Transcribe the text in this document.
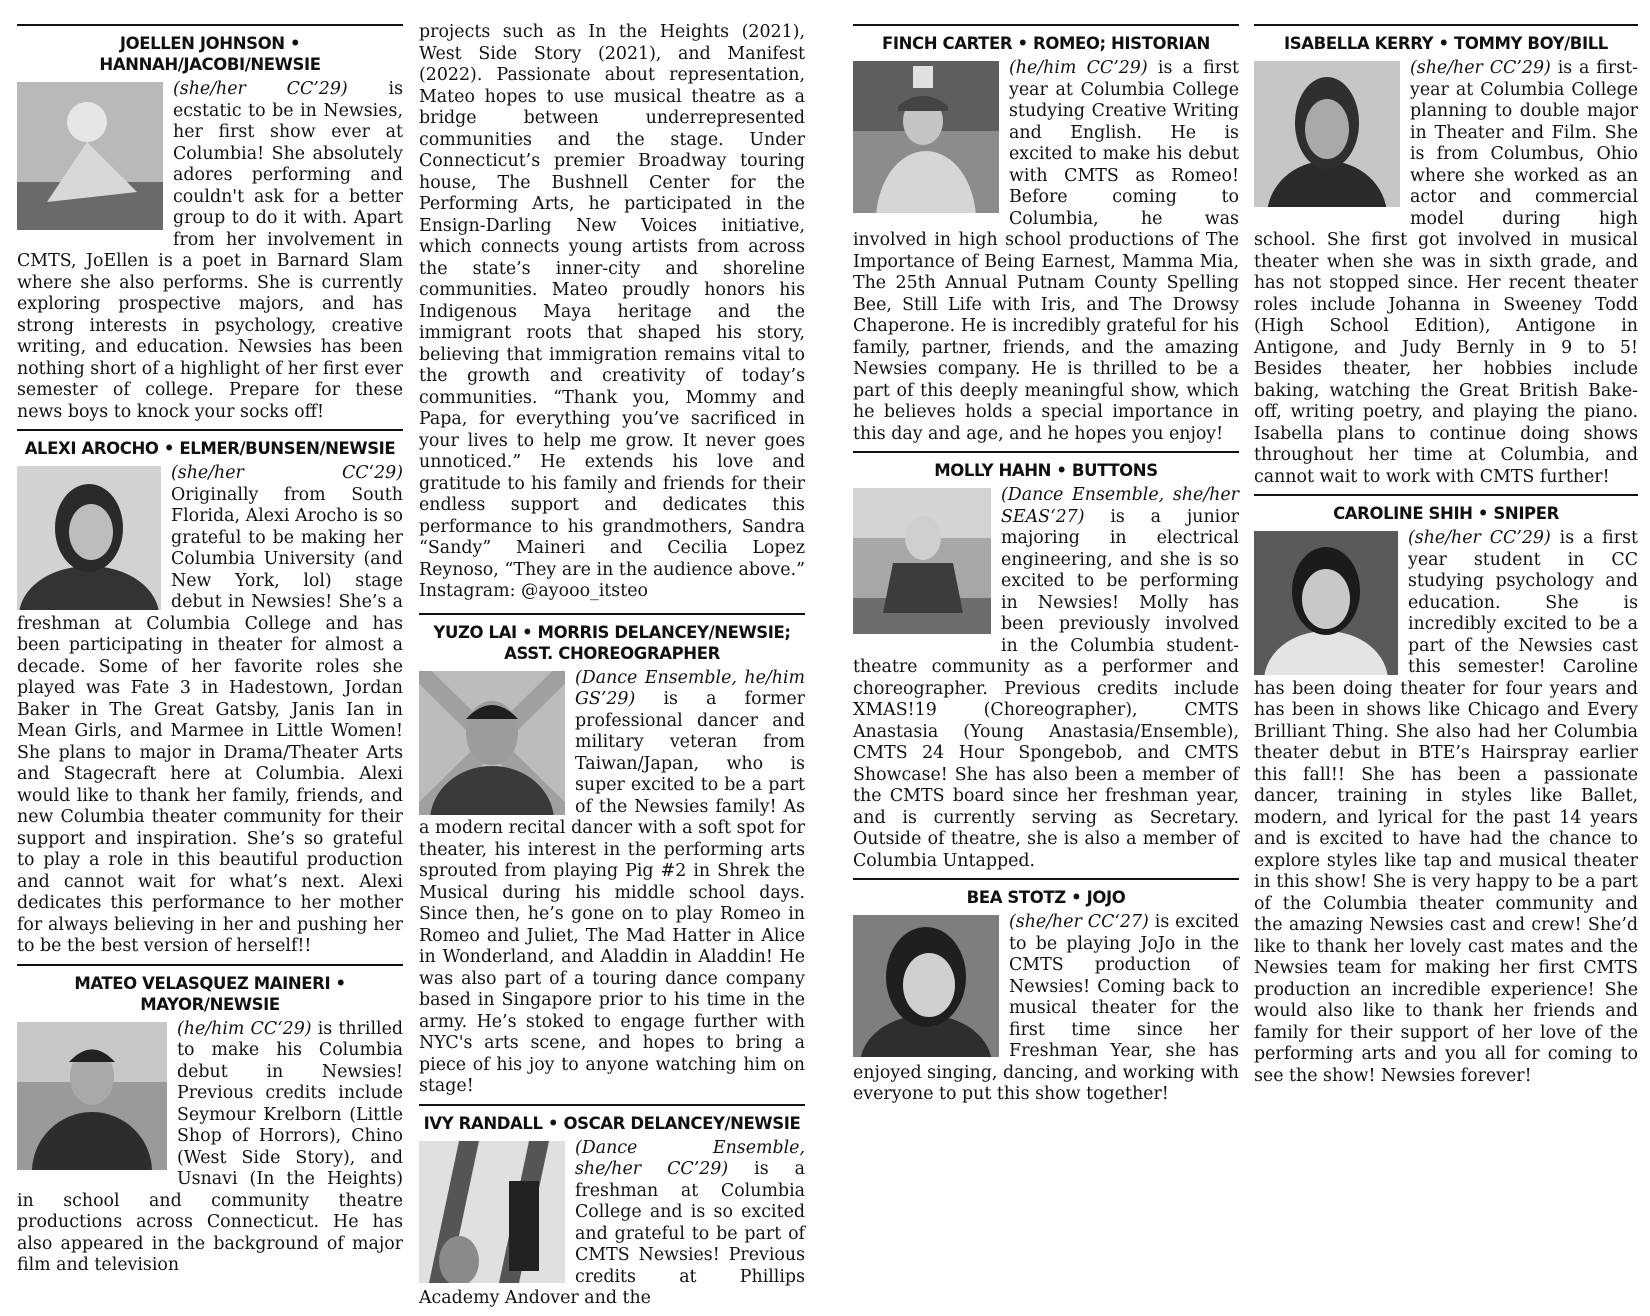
JOELLEN JOHNSON • HANNAH/JACOBI/NEWSIE

(she/her CC’29) is ecstatic to be in Newsies, her first show ever at Columbia! She absolutely adores performing and couldn't ask for a better group to do it with. Apart from her involvement in CMTS, JoEllen is a poet in Barnard Slam where she also performs. She is currently exploring prospective majors, and has strong interests in psychology, creative writing, and education. Newsies has been nothing short of a highlight of her first ever semester of college. Prepare for these news boys to knock your socks off!

ALEXI AROCHO • ELMER/BUNSEN/NEWSIE

(she/her CC‘29) Originally from South Florida, Alexi Arocho is so grateful to be making her Columbia University (and New York, lol) stage debut in Newsies! She’s a freshman at Columbia College and has been participating in theater for almost a decade. Some of her favorite roles she played was Fate 3 in Hadestown, Jordan Baker in The Great Gatsby, Janis Ian in Mean Girls, and Marmee in Little Women! She plans to major in Drama/Theater Arts and Stagecraft here at Columbia. Alexi would like to thank her family, friends, and new Columbia theater community for their support and inspiration. She’s so grateful to play a role in this beautiful production and cannot wait for what’s next. Alexi dedicates this performance to her mother for always believing in her and pushing her to be the best version of herself!!

MATEO VELASQUEZ MAINERI • MAYOR/NEWSIE

(he/him CC‘29) is thrilled to make his Columbia debut in Newsies! Previous credits include Seymour Krelborn (Little Shop of Horrors), Chino (West Side Story), and Usnavi (In the Heights) in school and community theatre productions across Connecticut. He has also appeared in the background of major film and television

projects such as In the Heights (2021), West Side Story (2021), and Manifest (2022). Passionate about representation, Mateo hopes to use musical theatre as a bridge between underrepresented communities and the stage. Under Connecticut’s premier Broadway touring house, The Bushnell Center for the Performing Arts, he participated in the Ensign-Darling New Voices initiative, which connects young artists from across the state’s inner-city and shoreline communities. Mateo proudly honors his Indigenous Maya heritage and the immigrant roots that shaped his story, believing that immigration remains vital to the growth and creativity of today’s communities. “Thank you, Mommy and Papa, for everything you’ve sacrificed in your lives to help me grow. It never goes unnoticed.” He extends his love and gratitude to his family and friends for their endless support and dedicates this performance to his grandmothers, Sandra “Sandy” Maineri and Cecilia Lopez Reynoso, “They are in the audience above.” Instagram: @ayooo_itsteo

YUZO LAI • MORRIS DELANCEY/NEWSIE; ASST. CHOREOGRAPHER

(Dance Ensemble, he/him GS’29) is a former professional dancer and military veteran from Taiwan/Japan, who is super excited to be a part of the Newsies family! As a modern recital dancer with a soft spot for theater, his interest in the performing arts sprouted from playing Pig #2 in Shrek the Musical during his middle school days. Since then, he’s gone on to play Romeo in Romeo and Juliet, The Mad Hatter in Alice in Wonderland, and Aladdin in Aladdin! He was also part of a touring dance company based in Singapore prior to his time in the army. He’s stoked to engage further with NYC's arts scene, and hopes to bring a piece of his joy to anyone watching him on stage!

IVY RANDALL • OSCAR DELANCEY/NEWSIE

(Dance Ensemble, she/her CC’29) is a freshman at Columbia College and is so excited and grateful to be part of CMTS Newsies! Previous credits at Phillips Academy Andover and the

FINCH CARTER • ROMEO; HISTORIAN

(he/him CC’29) is a first year at Columbia College studying Creative Writing and English. He is excited to make his debut with CMTS as Romeo! Before coming to Columbia, he was involved in high school productions of The Importance of Being Earnest, Mamma Mia, The 25th Annual Putnam County Spelling Bee, Still Life with Iris, and The Drowsy Chaperone. He is incredibly grateful for his family, partner, friends, and the amazing Newsies company. He is thrilled to be a part of this deeply meaningful show, which he believes holds a special importance in this day and age, and he hopes you enjoy!

MOLLY HAHN • BUTTONS

(Dance Ensemble, she/her SEAS‘27) is a junior majoring in electrical engineering, and she is so excited to be performing in Newsies! Molly has been previously involved in the Columbia student-theatre community as a performer and choreographer. Previous credits include XMAS!19 (Choreographer), CMTS Anastasia (Young Anastasia/Ensemble), CMTS 24 Hour Spongebob, and CMTS Showcase! She has also been a member of the CMTS board since her freshman year, and is currently serving as Secretary. Outside of theatre, she is also a member of Columbia Untapped.

BEA STOTZ • JOJO

(she/her CC‘27) is excited to be playing JoJo in the CMTS production of Newsies! Coming back to musical theater for the first time since her Freshman Year, she has enjoyed singing, dancing, and working with everyone to put this show together!

ISABELLA KERRY • TOMMY BOY/BILL

(she/her CC’29) is a first-year at Columbia College planning to double major in Theater and Film. She is from Columbus, Ohio where she worked as an actor and commercial model during high school. She first got involved in musical theater when she was in sixth grade, and has not stopped since. Her recent theater roles include Johanna in Sweeney Todd (High School Edition), Antigone in Antigone, and Judy Bernly in 9 to 5! Besides theater, her hobbies include baking, watching the Great British Bake-off, writing poetry, and playing the piano. Isabella plans to continue doing shows throughout her time at Columbia, and cannot wait to work with CMTS further!

CAROLINE SHIH • SNIPER

(she/her CC’29) is a first year student in CC studying psychology and education. She is incredibly excited to be a part of the Newsies cast this semester! Caroline has been doing theater for four years and has been in shows like Chicago and Every Brilliant Thing. She also had her Columbia theater debut in BTE’s Hairspray earlier this fall!! She has been a passionate dancer, training in styles like Ballet, modern, and lyrical for the past 14 years and is excited to have had the chance to explore styles like tap and musical theater in this show! She is very happy to be a part of the Columbia theater community and the amazing Newsies cast and crew! She’d like to thank her lovely cast mates and the Newsies team for making her first CMTS production an incredible experience! She would also like to thank her friends and family for their support of her love of the performing arts and you all for coming to see the show! Newsies forever!
